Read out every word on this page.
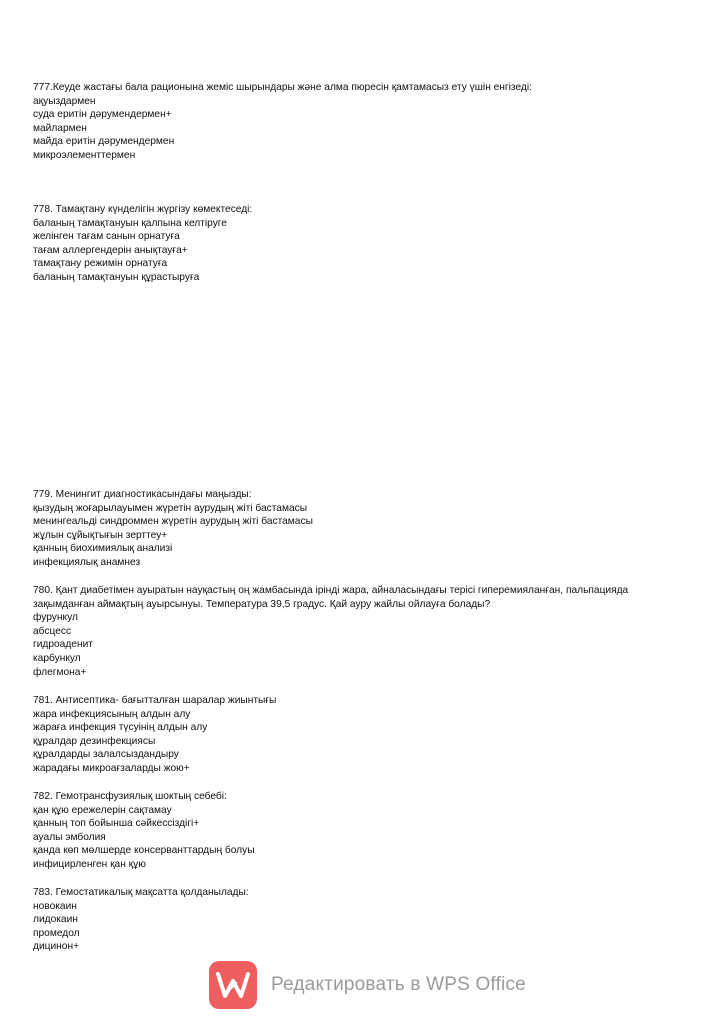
777.Кеуде жастағы бала рационына жеміс шырындары және алма пюресін қамтамасыз ету үшін енгізеді:
ақуыздармен
суда еритін дәрумендермен+
майлармен
майда еритін дәрумендермен
микроэлементтермен
778. Тамақтану күнделігін жүргізу көмектеседі:
баланың тамақтануын қалпына келтіруге
желінген тағам санын орнатуға
тағам аллергендерін анықтауға+
тамақтану режимін орнатуға
баланың тамақтануын құрастыруға
779. Менингит диагностикасындағы маңызды:
қызудың жоғарылауымен жүретін аурудың жіті бастамасы
менингеальді синдроммен жүретін аурудың жіті бастамасы
жұлын сұйықтығын зерттеу+
қанның биохимиялық анализі
инфекциялық анамнез
780. Қант диабетімен ауыратын науқастың оң жамбасында ірінді жара, айналасындағы терісі гиперемияланған, пальпацияда зақымданған аймақтың ауырсынуы. Температура 39,5 градус. Қай ауру жайлы ойлауға болады?
фурункул
абсцесс
гидроаденит
карбункул
флегмона+
781. Антисептика- бағытталған шаралар жиынтығы
жара инфекциясының алдын алу
жараға инфекция түсуінің алдын алу
құралдар дезинфекциясы
құралдарды залалсыздандыру
жарадағы микроағзаларды жою+
782. Гемотрансфузиялық шоктың себебі:
қан құю ережелерін сақтамау
қанның топ бойынша сәйкессіздігі+
ауалы эмболия
қанда көп мөлшерде консерванттардың болуы
инфицирленген қан құю
783. Гемостатикалық мақсатта қолданылады:
новокаин
лидокаин
промедол
дицинон+
Редактировать в WPS Office
